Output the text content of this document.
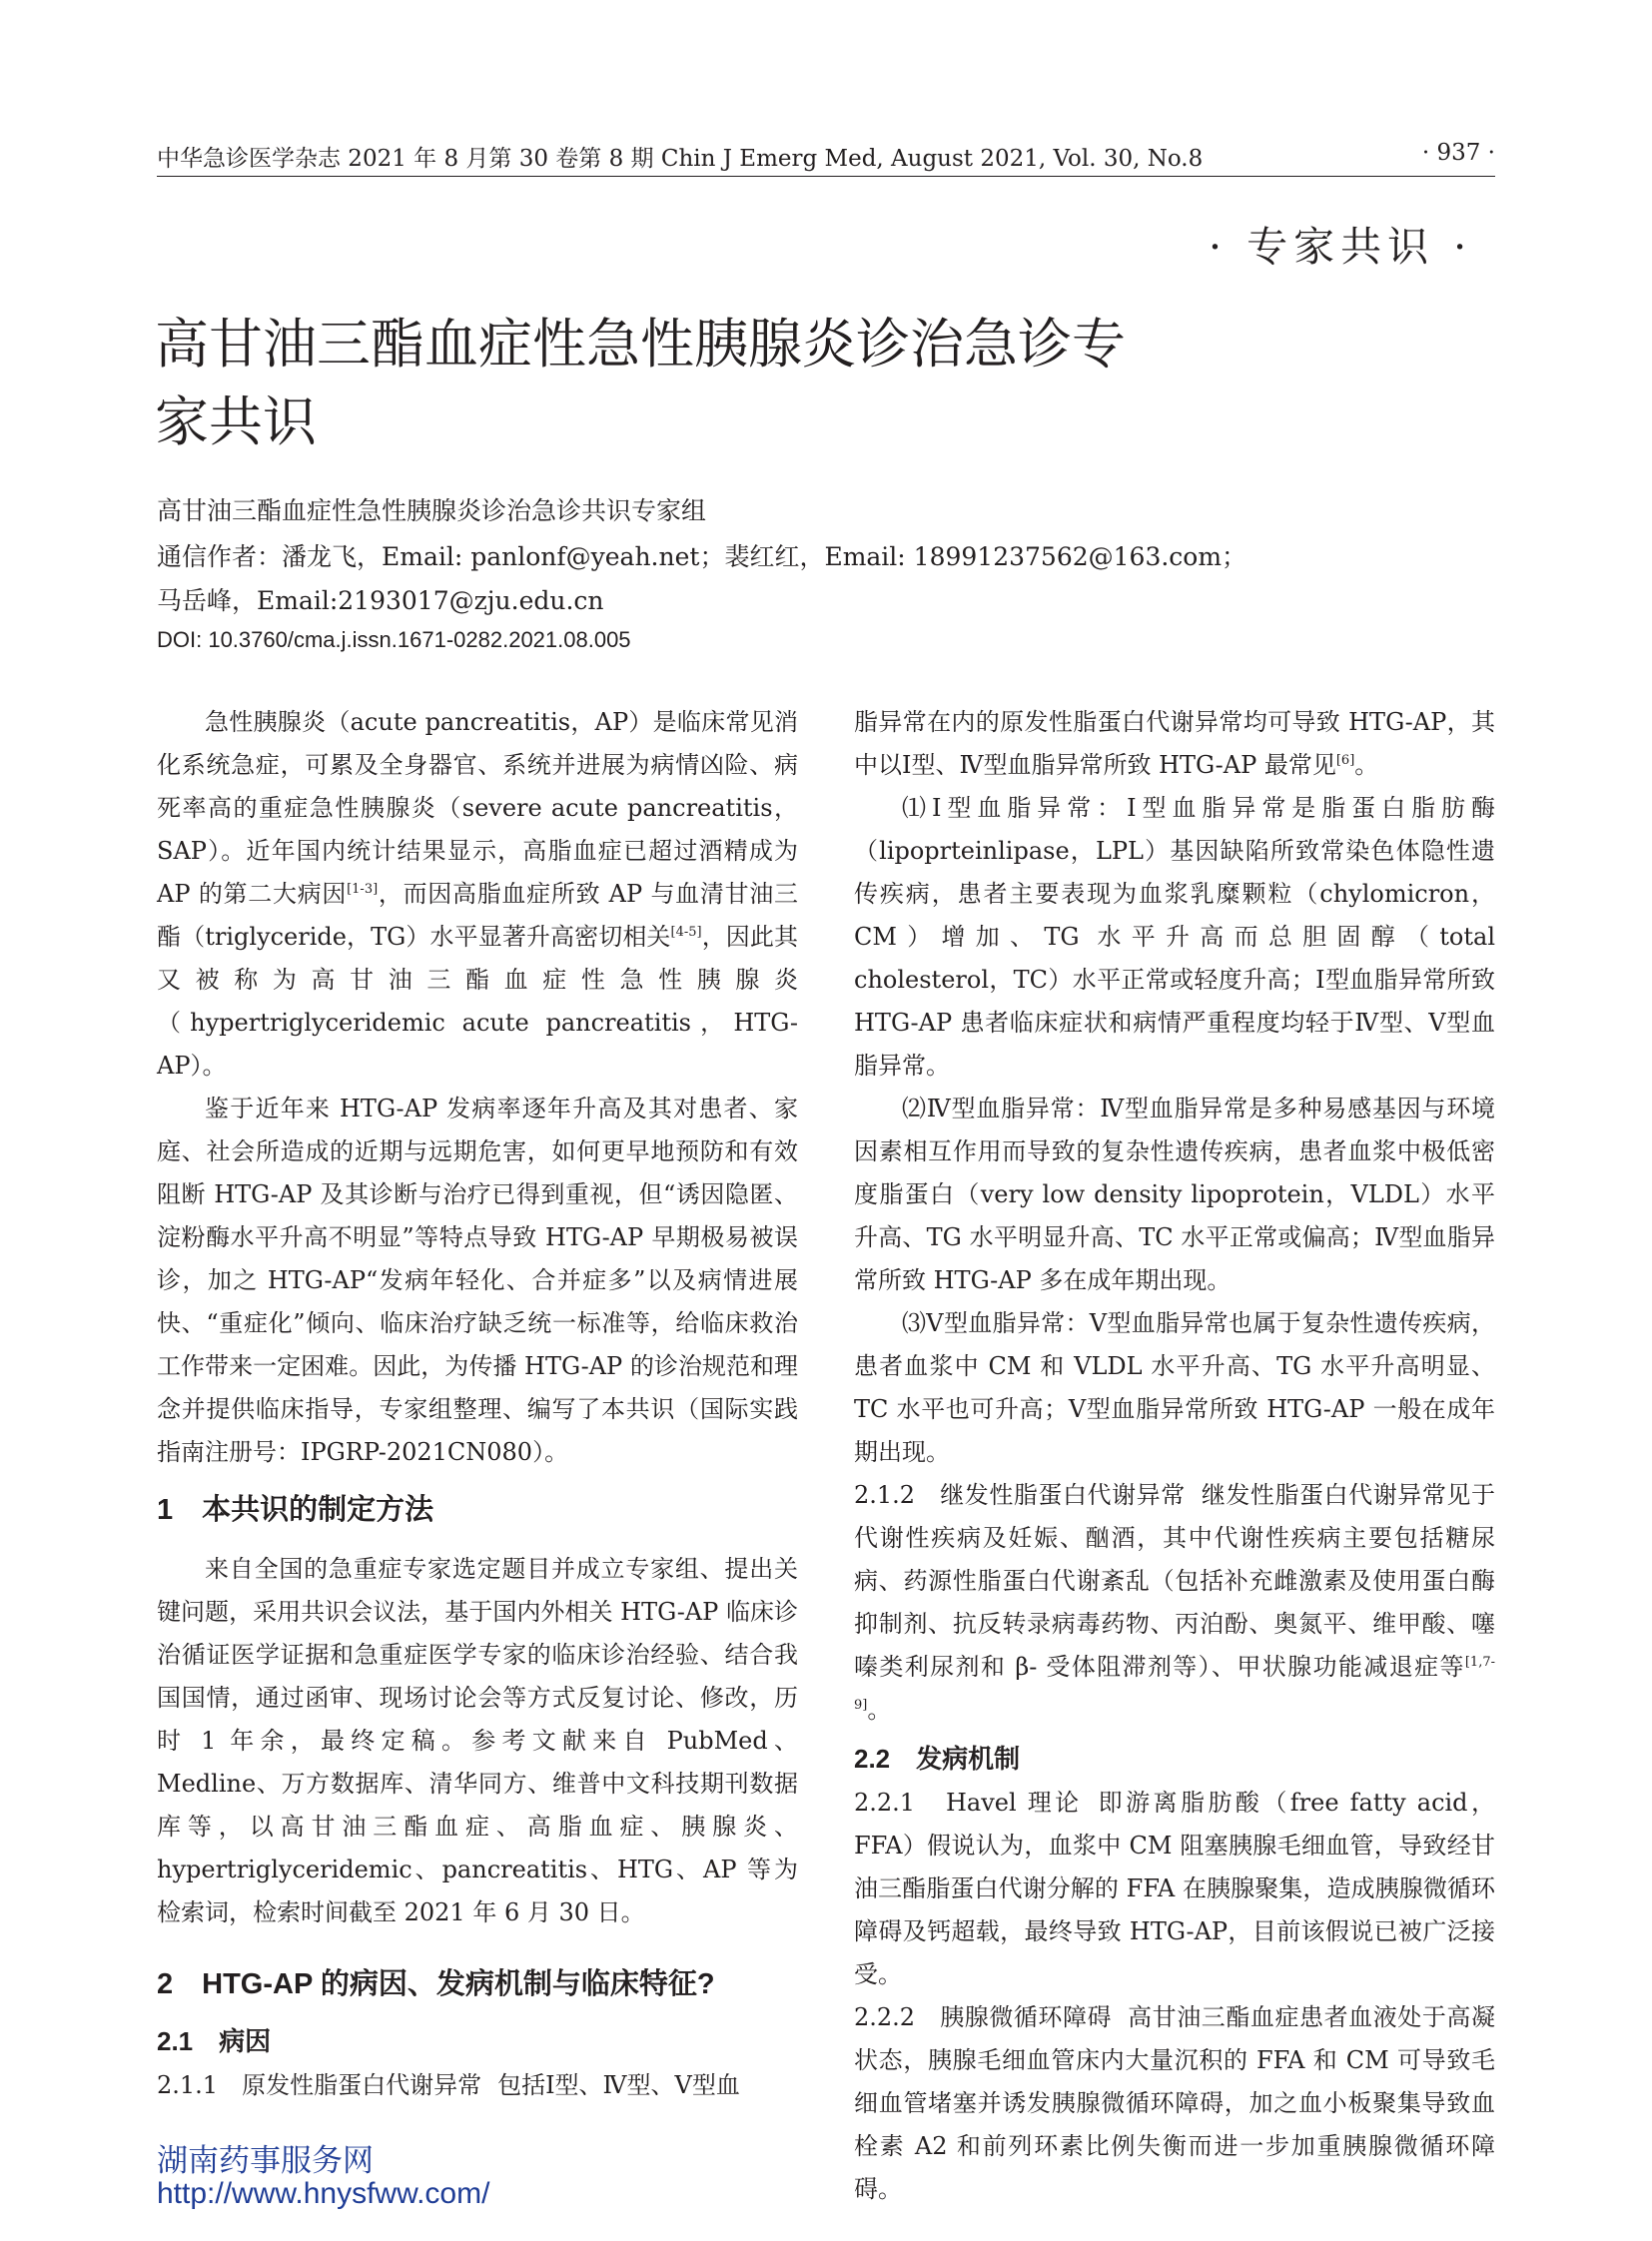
中华急诊医学杂志 2021 年 8 月第 30 卷第 8 期 Chin J Emerg Med, August 2021, Vol. 30, No.8	· 937 ·
· 专家共识 ·
高甘油三酯血症性急性胰腺炎诊治急诊专
家共识
高甘油三酯血症性急性胰腺炎诊治急诊共识专家组
通信作者：潘龙飞，Email: panlonf@yeah.net；裴红红，Email: 18991237562@163.com；
马岳峰，Email:2193017@zju.edu.cn
DOI: 10.3760/cma.j.issn.1671-0282.2021.08.005

急性胰腺炎（acute pancreatitis，AP）是临床常见消化系统急症，可累及全身器官、系统并进展为病情凶险、病死率高的重症急性胰腺炎（severe acute pancreatitis，SAP）。近年国内统计结果显示，高脂血症已超过酒精成为 AP 的第二大病因[1-3]，而因高脂血症所致 AP 与血清甘油三酯（triglyceride，TG）水平显著升高密切相关[4-5]，因此其又被称为高甘油三酯血症性急性胰腺炎（hypertriglyceridemic acute pancreatitis，HTG-AP）。

鉴于近年来 HTG-AP 发病率逐年升高及其对患者、家庭、社会所造成的近期与远期危害，如何更早地预防和有效阻断 HTG-AP 及其诊断与治疗已得到重视，但“诱因隐匿、淀粉酶水平升高不明显”等特点导致 HTG-AP 早期极易被误诊，加之 HTG-AP“发病年轻化、合并症多”以及病情进展快、“重症化”倾向、临床治疗缺乏统一标准等，给临床救治工作带来一定困难。因此，为传播 HTG-AP 的诊治规范和理念并提供临床指导，专家组整理、编写了本共识（国际实践指南注册号：IPGRP-2021CN080）。

1　本共识的制定方法

来自全国的急重症专家选定题目并成立专家组、提出关键问题，采用共识会议法，基于国内外相关 HTG-AP 临床诊治循证医学证据和急重症医学专家的临床诊治经验、结合我国国情，通过函审、现场讨论会等方式反复讨论、修改，历时 1 年余，最终定稿。参考文献来自 PubMed、Medline、万方数据库、清华同方、维普中文科技期刊数据库等，以高甘油三酯血症、高脂血症、胰腺炎、hypertriglyceridemic、pancreatitis、HTG、AP 等为检索词，检索时间截至 2021 年 6 月 30 日。

2　HTG-AP 的病因、发病机制与临床特征?
2.1　病因

2.1.1　原发性脂蛋白代谢异常 包括Ⅰ型、Ⅳ型、Ⅴ型血

脂异常在内的原发性脂蛋白代谢异常均可导致 HTG-AP，其中以Ⅰ型、Ⅳ型血脂异常所致 HTG-AP 最常见[6]。

⑴Ⅰ型血脂异常：Ⅰ型血脂异常是脂蛋白脂肪酶（lipoprteinlipase，LPL）基因缺陷所致常染色体隐性遗传疾病，患者主要表现为血浆乳糜颗粒（chylomicron，CM）增加、TG 水平升高而总胆固醇（total cholesterol，TC）水平正常或轻度升高；Ⅰ型血脂异常所致 HTG-AP 患者临床症状和病情严重程度均轻于Ⅳ型、Ⅴ型血脂异常。

⑵Ⅳ型血脂异常：Ⅳ型血脂异常是多种易感基因与环境因素相互作用而导致的复杂性遗传疾病，患者血浆中极低密度脂蛋白（very low density lipoprotein，VLDL）水平升高、TG 水平明显升高、TC 水平正常或偏高；Ⅳ型血脂异常所致 HTG-AP 多在成年期出现。

⑶Ⅴ型血脂异常：Ⅴ型血脂异常也属于复杂性遗传疾病，患者血浆中 CM 和 VLDL 水平升高、TG 水平升高明显、TC 水平也可升高；Ⅴ型血脂异常所致 HTG-AP 一般在成年期出现。

2.1.2　继发性脂蛋白代谢异常 继发性脂蛋白代谢异常见于代谢性疾病及妊娠、酗酒，其中代谢性疾病主要包括糖尿病、药源性脂蛋白代谢紊乱（包括补充雌激素及使用蛋白酶抑制剂、抗反转录病毒药物、丙泊酚、奥氮平、维甲酸、噻嗪类利尿剂和 β- 受体阻滞剂等）、甲状腺功能减退症等[1,7-9]。

2.2　发病机制

2.2.1　Havel 理论 即游离脂肪酸（free fatty acid，FFA）假说认为，血浆中 CM 阻塞胰腺毛细血管，导致经甘油三酯脂蛋白代谢分解的 FFA 在胰腺聚集，造成胰腺微循环障碍及钙超载，最终导致 HTG-AP，目前该假说已被广泛接受。

2.2.2　胰腺微循环障碍 高甘油三酯血症患者血液处于高凝状态，胰腺毛细血管床内大量沉积的 FFA 和 CM 可导致毛细血管堵塞并诱发胰腺微循环障碍，加之血小板聚集导致血栓素 A2 和前列环素比例失衡而进一步加重胰腺微循环障碍。

湖南药事服务网
http://www.hnysfww.com/
